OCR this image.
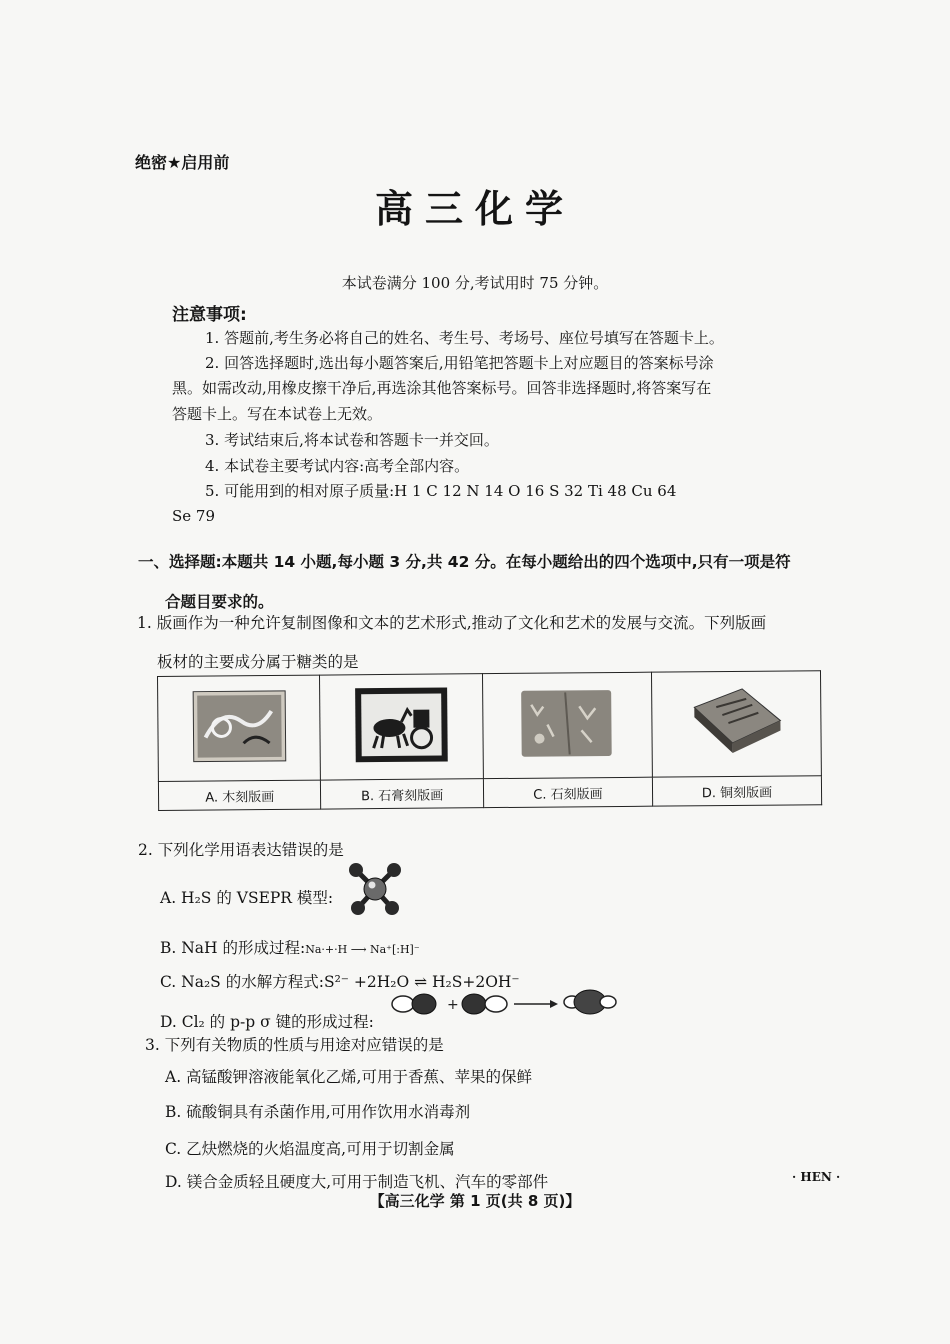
绝密★启用前
高三化学
本试卷满分 100 分,考试用时 75 分钟。
注意事项:
1. 答题前,考生务必将自己的姓名、考生号、考场号、座位号填写在答题卡上。
2. 回答选择题时,选出每小题答案后,用铅笔把答题卡上对应题目的答案标号涂
黑。如需改动,用橡皮擦干净后,再选涂其他答案标号。回答非选择题时,将答案写在
答题卡上。写在本试卷上无效。
3. 考试结束后,将本试卷和答题卡一并交回。
4. 本试卷主要考试内容:高考全部内容。
5. 可能用到的相对原子质量:H 1 C 12 N 14 O 16 S 32 Ti 48 Cu 64
Se 79
一、选择题:本题共 14 小题,每小题 3 分,共 42 分。在每小题给出的四个选项中,只有一项是符
合题目要求的。
1. 版画作为一种允许复制图像和文本的艺术形式,推动了文化和艺术的发展与交流。下列版画
板材的主要成分属于糖类的是

A. 木刻版画	B. 石膏刻版画	C. 石刻版画	D. 铜刻版画
2. 下列化学用语表达错误的是
A. H₂S 的 VSEPR 模型:
B. NaH 的形成过程:Na·+·H ⟶ Na⁺[:H]⁻
C. Na₂S 的水解方程式:S²⁻ +2H₂O ⇌ H₂S+2OH⁻
D. Cl₂ 的 p-p σ 键的形成过程:
+
3. 下列有关物质的性质与用途对应错误的是
A. 高锰酸钾溶液能氧化乙烯,可用于香蕉、苹果的保鲜
B. 硫酸铜具有杀菌作用,可用作饮用水消毒剂
C. 乙炔燃烧的火焰温度高,可用于切割金属
D. 镁合金质轻且硬度大,可用于制造飞机、汽车的零部件	· HEN ·
【高三化学 第 1 页(共 8 页)】
